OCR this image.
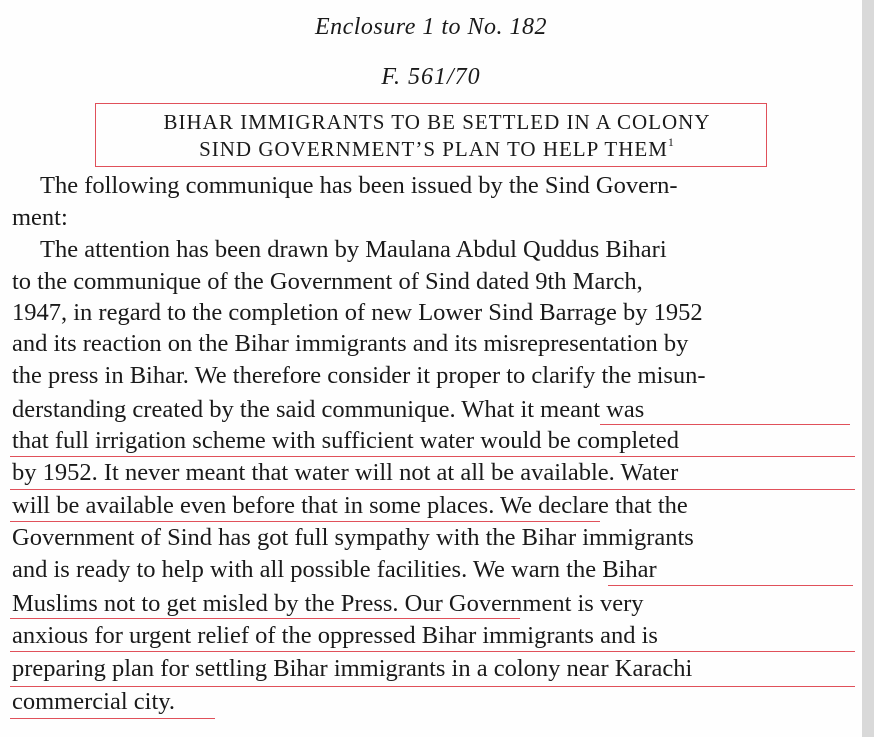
Enclosure 1 to No. 182
F. 561/70
BIHAR IMMIGRANTS TO BE SETTLED IN A COLONY
SIND GOVERNMENT’S PLAN TO HELP THEM$^1$
The following communique has been issued by the Sind Govern-
ment:
The attention has been drawn by Maulana Abdul Quddus Bihari
to the communique of the Government of Sind dated 9th March,
1947, in regard to the completion of new Lower Sind Barrage by 1952
and its reaction on the Bihar immigrants and its misrepresentation by
the press in Bihar. We therefore consider it proper to clarify the misun-
derstanding created by the said communique. What it meant was
that full irrigation scheme with sufficient water would be completed
by 1952. It never meant that water will not at all be available. Water
will be available even before that in some places. We declare that the
Government of Sind has got full sympathy with the Bihar immigrants
and is ready to help with all possible facilities. We warn the Bihar
Muslims not to get misled by the Press. Our Government is very
anxious for urgent relief of the oppressed Bihar immigrants and is
preparing plan for settling Bihar immigrants in a colony near Karachi
commercial city.
